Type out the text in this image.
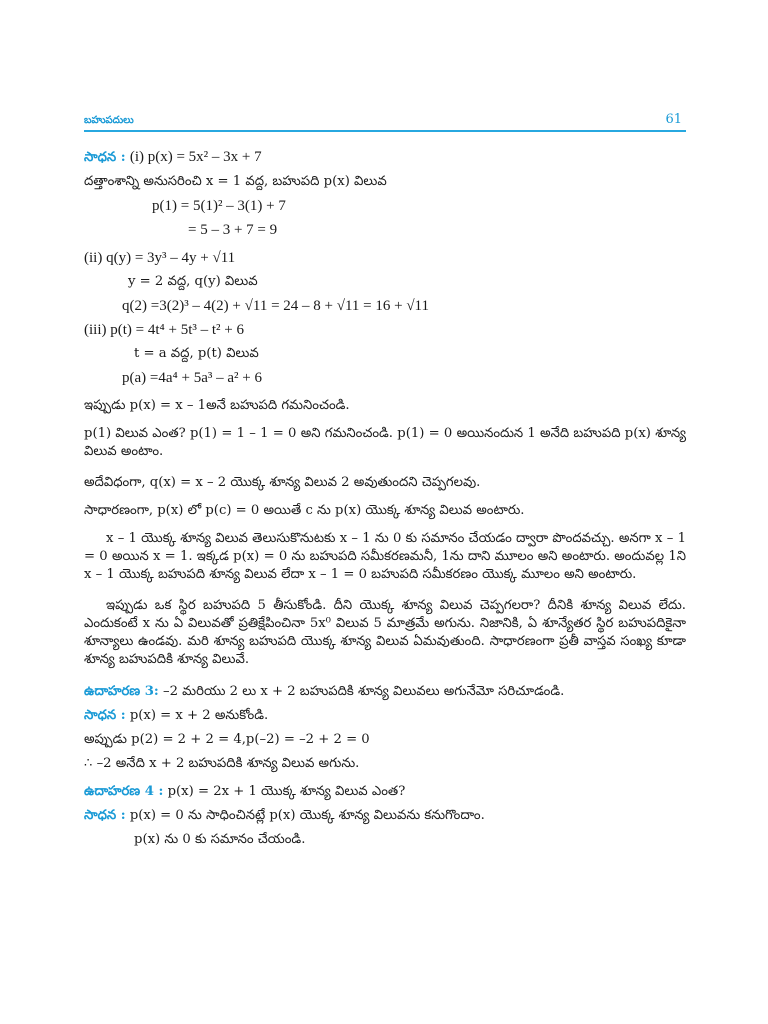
బహుపదులు	61

సాధన : (i) p(x) = 5x² – 3x + 7

దత్తాంశాన్ని అనుసరించి x = 1 వద్ద, బహుపది p(x) విలువ

p(1) = 5(1)² – 3(1) + 7

= 5 – 3 + 7 = 9

(ii) q(y) = 3y³ – 4y + √11

y = 2 వద్ద, q(y) విలువ

q(2) =3(2)³ – 4(2) + √11 = 24 – 8 + √11 = 16 + √11

(iii) p(t) = 4t⁴ + 5t³ – t² + 6

t = a వద్ద, p(t) విలువ

p(a) =4a⁴ + 5a³ – a² + 6

ఇప్పుడు p(x) = x – 1అనే బహుపది గమనించండి.

p(1) విలువ ఎంత? p(1) = 1 – 1 = 0 అని గమనించండి. p(1) = 0 అయినందున 1 అనేది బహుపది p(x) శూన్య విలువ అంటాం.

అదేవిధంగా, q(x) = x – 2 యొక్క శూన్య విలువ 2 అవుతుందని చెప్పగలవు.

సాధారణంగా, p(x) లో p(c) = 0 అయితే c ను p(x) యొక్క శూన్య విలువ అంటారు.

x – 1 యొక్క శూన్య విలువ తెలుసుకొనుటకు x – 1 ను 0 కు సమానం చేయడం ద్వారా పొందవచ్చు. అనగా x – 1 = 0 అయిన x = 1. ఇక్కడ p(x) = 0 ను బహుపది సమీకరణమనీ, 1ను దాని మూలం అని అంటారు. అందువల్ల 1ని x – 1 యొక్క బహుపది శూన్య విలువ లేదా x – 1 = 0 బహుపది సమీకరణం యొక్క మూలం అని అంటారు.

ఇప్పుడు ఒక స్థిర బహుపది 5 తీసుకోండి. దీని యొక్క శూన్య విలువ చెప్పగలరా? దీనికి శూన్య విలువ లేదు. ఎందుకంటే x ను ఏ విలువతో ప్రతిక్షేపించినా 5x⁰ విలువ 5 మాత్రమే అగును. నిజానికి, ఏ శూన్యేతర స్థిర బహుపదికైనా శూన్యాలు ఉండవు. మరి శూన్య బహుపది యొక్క శూన్య విలువ ఏమవుతుంది. సాధారణంగా ప్రతీ వాస్తవ సంఖ్య కూడా శూన్య బహుపదికి శూన్య విలువే.

ఉదాహరణ 3: –2 మరియు 2 లు x + 2 బహుపదికి శూన్య విలువలు అగునేమో సరిచూడండి.

సాధన : p(x) = x + 2 అనుకోండి.

అప్పుడు p(2) = 2 + 2 = 4,p(–2) = –2 + 2 = 0

∴ –2 అనేది x + 2 బహుపదికి శూన్య విలువ అగును.

ఉదాహరణ 4 : p(x) = 2x + 1 యొక్క శూన్య విలువ ఎంత?

సాధన : p(x) = 0 ను సాధించినట్లే p(x) యొక్క శూన్య విలువను కనుగొందాం.

p(x) ను 0 కు సమానం చేయండి.
